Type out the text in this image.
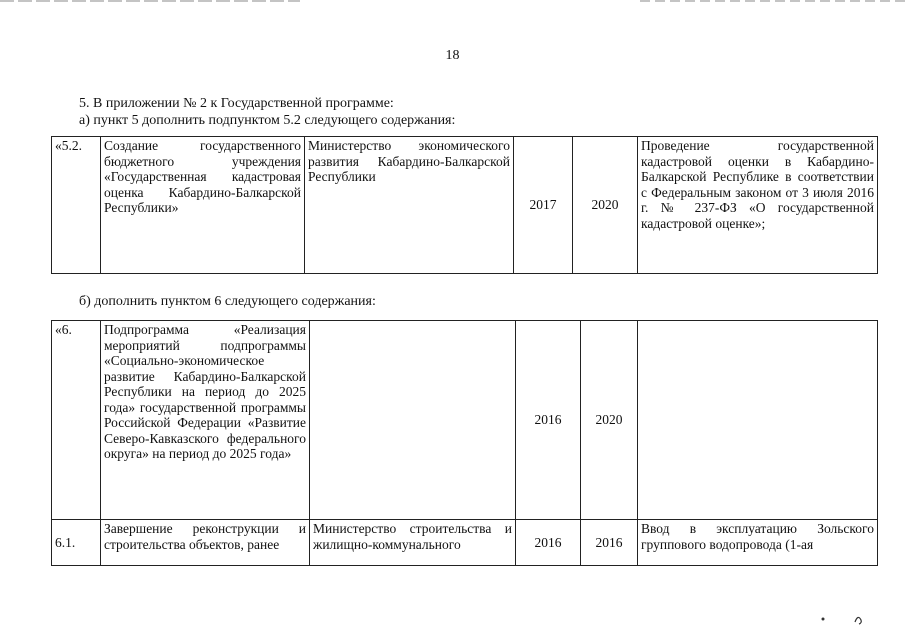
18
5. В приложении № 2 к Государственной программе:
а) пункт 5 дополнить подпунктом 5.2 следующего содержания:
«5.2.	Создание государственного бюджетного учреждения «Государственная кадастровая оценка Кабардино-Балкарской Республики»	Министерство экономического развития Кабардино-Балкарской Республики	2017	2020	Проведение государственной кадастровой оценки в Кабардино-Балкарской Республике в соответствии с Федеральным законом от 3 июля 2016 г. № 237-ФЗ «О государственной кадастровой оценке»;
б) дополнить пунктом 6 следующего содержания:
«6.	Подпрограмма «Реализация мероприятий подпрограммы «Социально-экономическое развитие Кабардино-Балкарской Республики на период до 2025 года» государственной программы Российской Федерации «Развитие Северо-Кавказского федерального округа» на период до 2025 года»		2016	2020	
6.1.	Завершение реконструкции и строительства объектов, ранее	Министерство строительства и жилищно-коммунального	2016	2016	Ввод в эксплуатацию Зольского группового водопровода (1-ая
